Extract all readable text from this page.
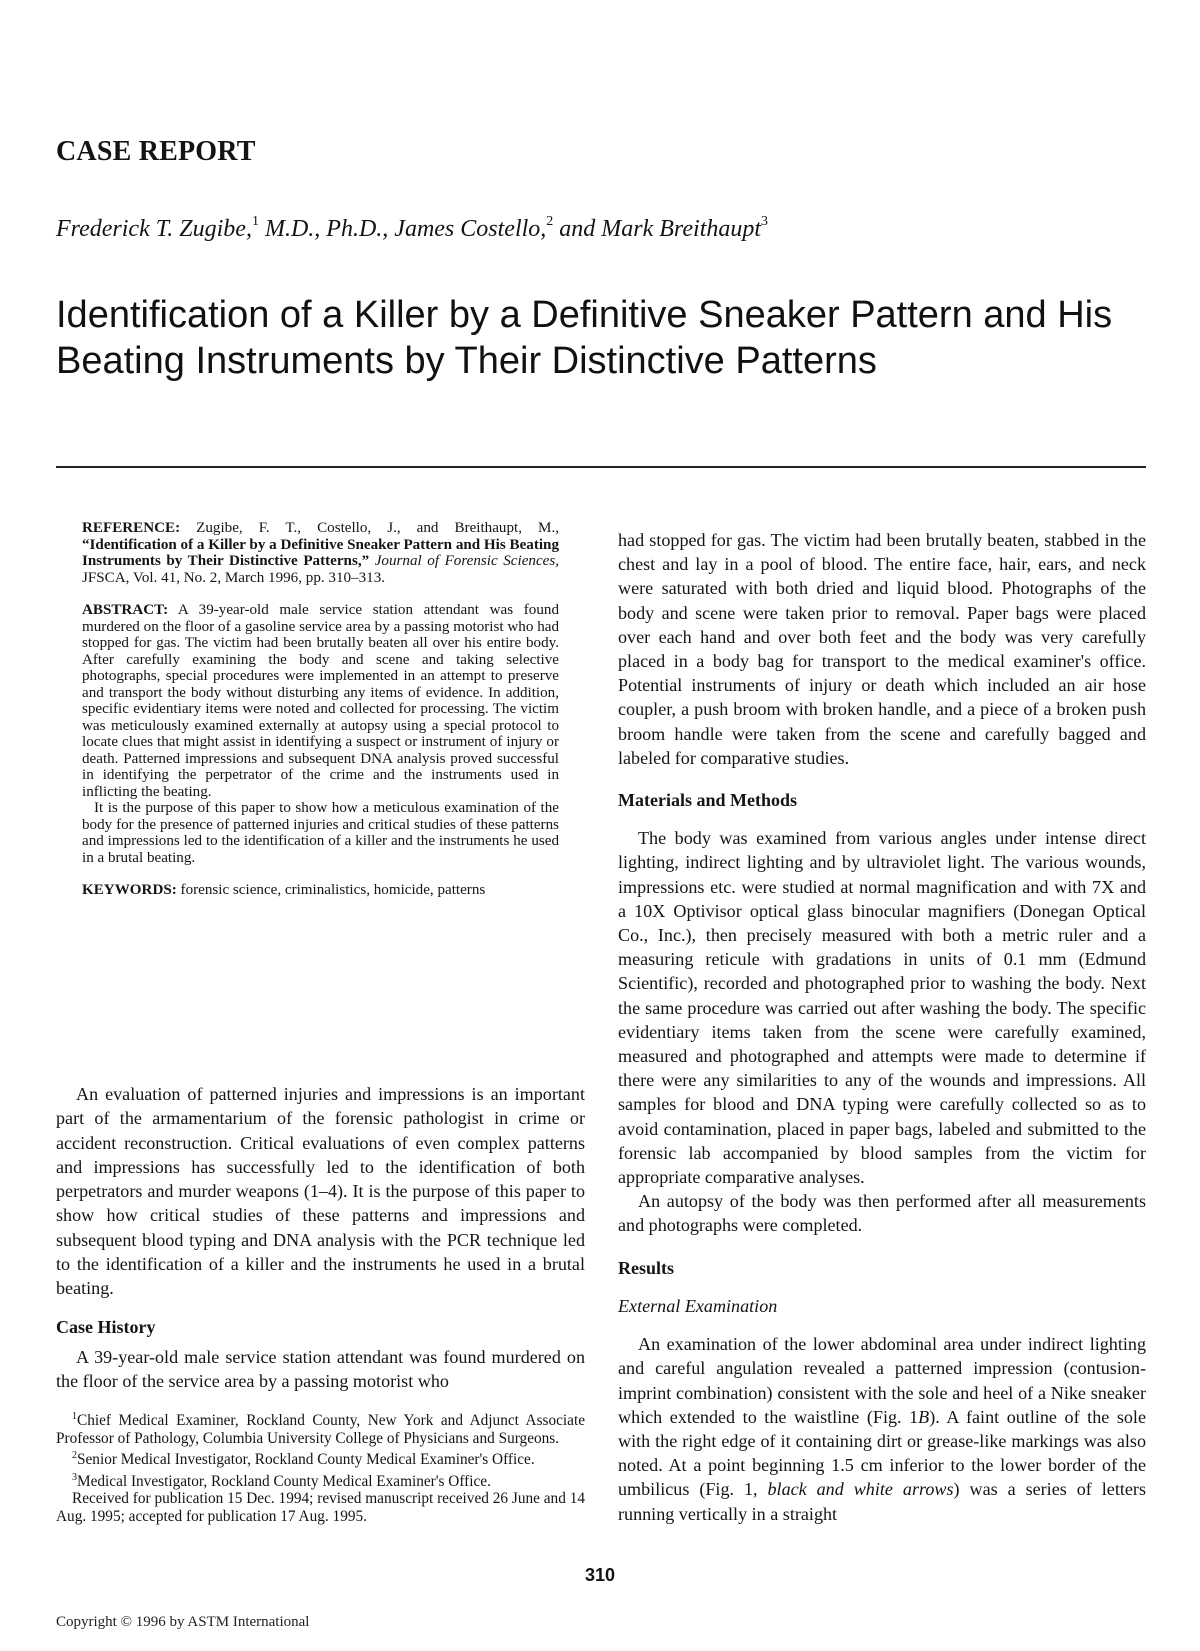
CASE REPORT
Frederick T. Zugibe,$^1$ M.D., Ph.D., James Costello,$^2$ and Mark Breithaupt$^3$
Identification of a Killer by a Definitive Sneaker Pattern and His Beating Instruments by Their Distinctive Patterns

REFERENCE: Zugibe, F. T., Costello, J., and Breithaupt, M., “Identification of a Killer by a Definitive Sneaker Pattern and His Beating Instruments by Their Distinctive Patterns,” Journal of Forensic Sciences, JFSCA, Vol. 41, No. 2, March 1996, pp. 310–313.

ABSTRACT: A 39-year-old male service station attendant was found murdered on the floor of a gasoline service area by a passing motorist who had stopped for gas. The victim had been brutally beaten all over his entire body. After carefully examining the body and scene and taking selective photographs, special procedures were implemented in an attempt to preserve and transport the body without disturbing any items of evidence. In addition, specific evidentiary items were noted and collected for processing. The victim was meticulously examined externally at autopsy using a special protocol to locate clues that might assist in identifying a suspect or instrument of injury or death. Patterned impressions and subsequent DNA analysis proved successful in identifying the perpetrator of the crime and the instruments used in inflicting the beating.

It is the purpose of this paper to show how a meticulous examination of the body for the presence of patterned injuries and critical studies of these patterns and impressions led to the identification of a killer and the instruments he used in a brutal beating.

KEYWORDS: forensic science, criminalistics, homicide, patterns

An evaluation of patterned injuries and impressions is an important part of the armamentarium of the forensic pathologist in crime or accident reconstruction. Critical evaluations of even complex patterns and impressions has successfully led to the identification of both perpetrators and murder weapons (1–4). It is the purpose of this paper to show how critical studies of these patterns and impressions and subsequent blood typing and DNA analysis with the PCR technique led to the identification of a killer and the instruments he used in a brutal beating.

Case History

A 39-year-old male service station attendant was found murdered on the floor of the service area by a passing motorist who

$^1$Chief Medical Examiner, Rockland County, New York and Adjunct Associate Professor of Pathology, Columbia University College of Physicians and Surgeons.

$^2$Senior Medical Investigator, Rockland County Medical Examiner's Office.

$^3$Medical Investigator, Rockland County Medical Examiner's Office.

Received for publication 15 Dec. 1994; revised manuscript received 26 June and 14 Aug. 1995; accepted for publication 17 Aug. 1995.

had stopped for gas. The victim had been brutally beaten, stabbed in the chest and lay in a pool of blood. The entire face, hair, ears, and neck were saturated with both dried and liquid blood. Photographs of the body and scene were taken prior to removal. Paper bags were placed over each hand and over both feet and the body was very carefully placed in a body bag for transport to the medical examiner's office. Potential instruments of injury or death which included an air hose coupler, a push broom with broken handle, and a piece of a broken push broom handle were taken from the scene and carefully bagged and labeled for comparative studies.

Materials and Methods

The body was examined from various angles under intense direct lighting, indirect lighting and by ultraviolet light. The various wounds, impressions etc. were studied at normal magnification and with 7X and a 10X Optivisor optical glass binocular magnifiers (Donegan Optical Co., Inc.), then precisely measured with both a metric ruler and a measuring reticule with gradations in units of 0.1 mm (Edmund Scientific), recorded and photographed prior to washing the body. Next the same procedure was carried out after washing the body. The specific evidentiary items taken from the scene were carefully examined, measured and photographed and attempts were made to determine if there were any similarities to any of the wounds and impressions. All samples for blood and DNA typing were carefully collected so as to avoid contamination, placed in paper bags, labeled and submitted to the forensic lab accompanied by blood samples from the victim for appropriate comparative analyses.

An autopsy of the body was then performed after all measurements and photographs were completed.

Results

External Examination

An examination of the lower abdominal area under indirect lighting and careful angulation revealed a patterned impression (contusion-imprint combination) consistent with the sole and heel of a Nike sneaker which extended to the waistline (Fig. 1B). A faint outline of the sole with the right edge of it containing dirt or grease-like markings was also noted. At a point beginning 1.5 cm inferior to the lower border of the umbilicus (Fig. 1, black and white arrows) was a series of letters running vertically in a straight

310
Copyright © 1996 by ASTM International
